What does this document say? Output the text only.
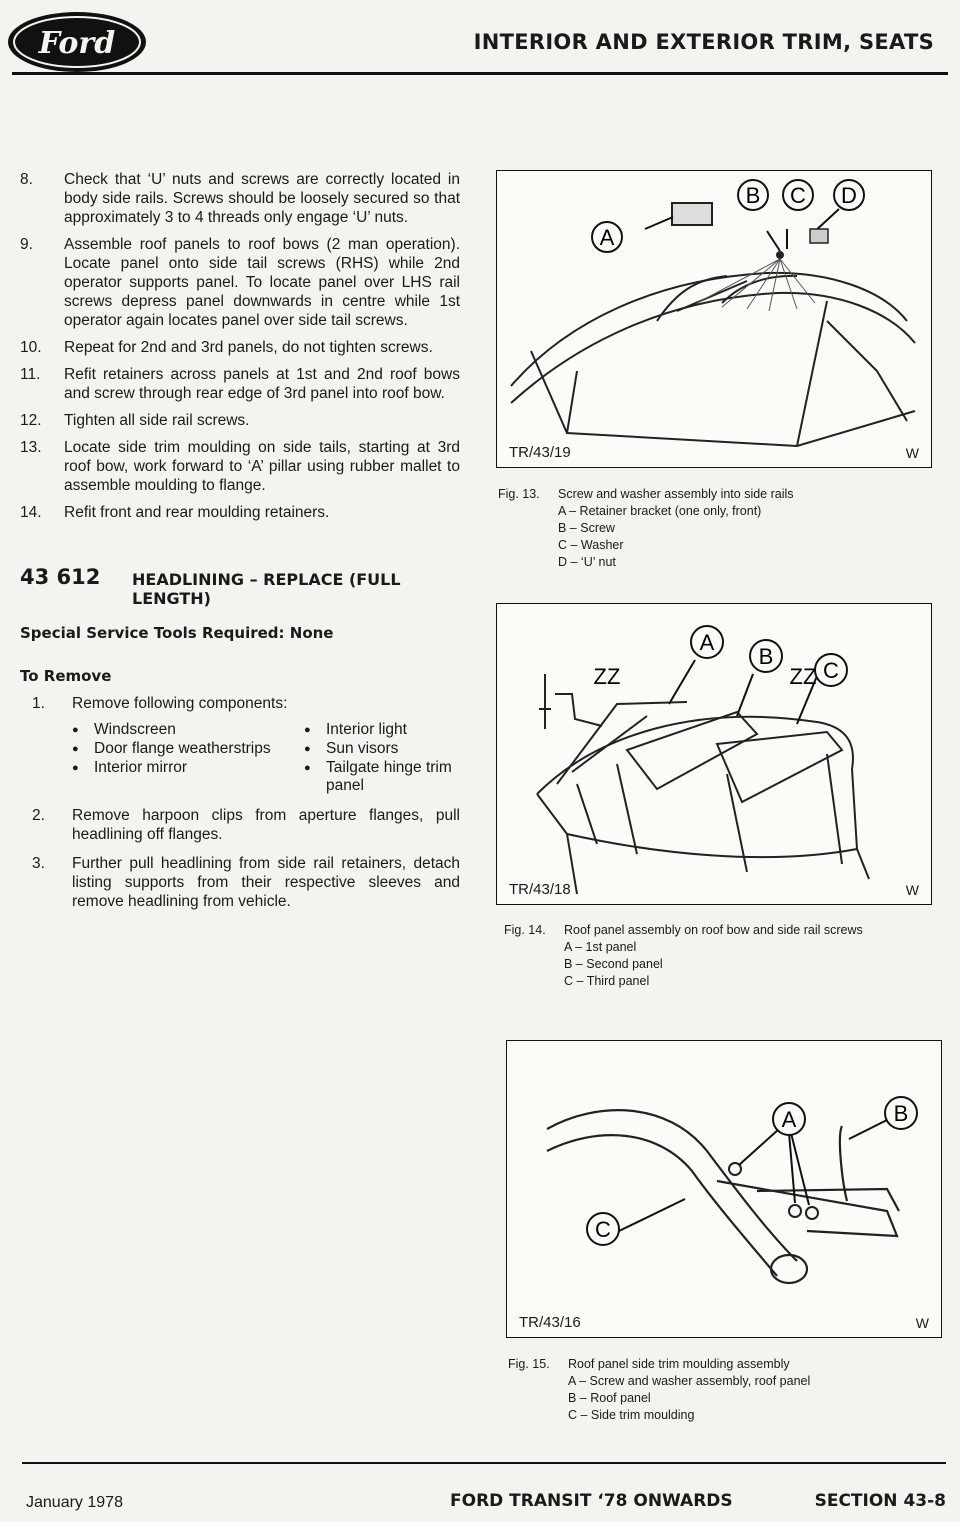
Ford	INTERIOR AND EXTERIOR TRIM, SEATS
8.	Check that ‘U’ nuts and screws are correctly located in body side rails. Screws should be loosely secured so that approximately 3 to 4 threads only engage ‘U’ nuts.
9.	Assemble roof panels to roof bows (2 man operation). Locate panel onto side tail screws (RHS) while 2nd operator supports panel. To locate panel over LHS rail screws depress panel downwards in centre while 1st operator again locates panel over side tail screws.
10.	Repeat for 2nd and 3rd panels, do not tighten screws.
11.	Refit retainers across panels at 1st and 2nd roof bows and screw through rear edge of 3rd panel into roof bow.
12.	Tighten all side rail screws.
13.	Locate side trim moulding on side tails, starting at 3rd roof bow, work forward to ‘A’ pillar using rubber mallet to assemble moulding to flange.
14.	Refit front and rear moulding retainers.
43 612	HEADLINING – REPLACE (FULL LENGTH)
Special Service Tools Required: None
To Remove
1.	Remove following components:
● Windscreen
● Door flange weatherstrips
● Interior mirror
● Interior light
● Sun visors
● Tailgate hinge trim panel
2.	Remove harpoon clips from aperture flanges, pull headlining off flanges.
3.	Further pull headlining from side rail retainers, detach listing supports from their respective sleeves and remove headlining from vehicle.
A
B C D
TR/43/19	W
Fig. 13.	Screw and washer assembly into side rails
A – Retainer bracket (one only, front)
B – Screw
C – Washer
D – ‘U’ nut
A
B
C
ZZ	ZZ
TR/43/18	W
Fig. 14.	Roof panel assembly on roof bow and side rail screws
A – 1st panel
B – Second panel
C – Third panel
A	B
C
TR/43/16	W
Fig. 15.	Roof panel side trim moulding assembly
A – Screw and washer assembly, roof panel
B – Roof panel
C – Side trim moulding
January 1978	FORD TRANSIT ‘78 ONWARDS	SECTION 43-8
